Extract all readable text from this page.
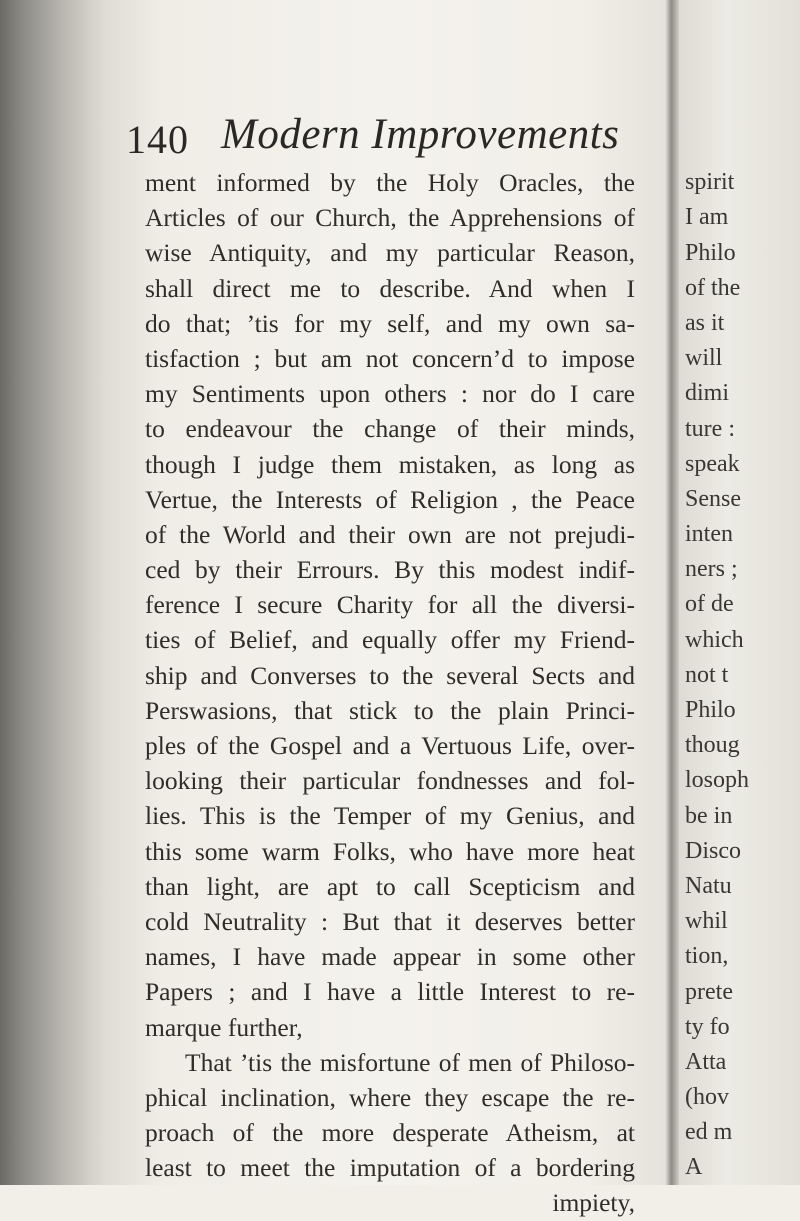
140 Modern Improvements
ment informed by the Holy Oracles, the
Articles of our Church, the Apprehensions of
wise Antiquity, and my particular Reason,
shall direct me to describe. And when I
do that; ’tis for my self, and my own sa-
tisfaction ; but am not concern’d to impose
my Sentiments upon others : nor do I care
to endeavour the change of their minds,
though I judge them mistaken, as long as
Vertue, the Interests of Religion , the Peace
of the World and their own are not prejudi-
ced by their Errours. By this modest indif-
ference I secure Charity for all the diversi-
ties of Belief, and equally offer my Friend-
ship and Converses to the several Sects and
Perswasions, that stick to the plain Princi-
ples of the Gospel and a Vertuous Life, over-
looking their particular fondnesses and fol-
lies. This is the Temper of my Genius, and
this some warm Folks, who have more heat
than light, are apt to call Scepticism and
cold Neutrality : But that it deserves better
names, I have made appear in some other
Papers ; and I have a little Interest to re-
marque further,
That ’tis the misfortune of men of Philoso-
phical inclination, where they escape the re-
proach of the more desperate Atheism, at
least to meet the imputation of a bordering
impiety,
spirit
I am
Philo
of the
as it
will
dimi
ture :
speak
Sense
inten
ners ;
of de
which
not t
Philo
thoug
losoph
be in
Disco
Natu
whil
tion,
prete
ty fo
Atta
(hov
ed m
A
